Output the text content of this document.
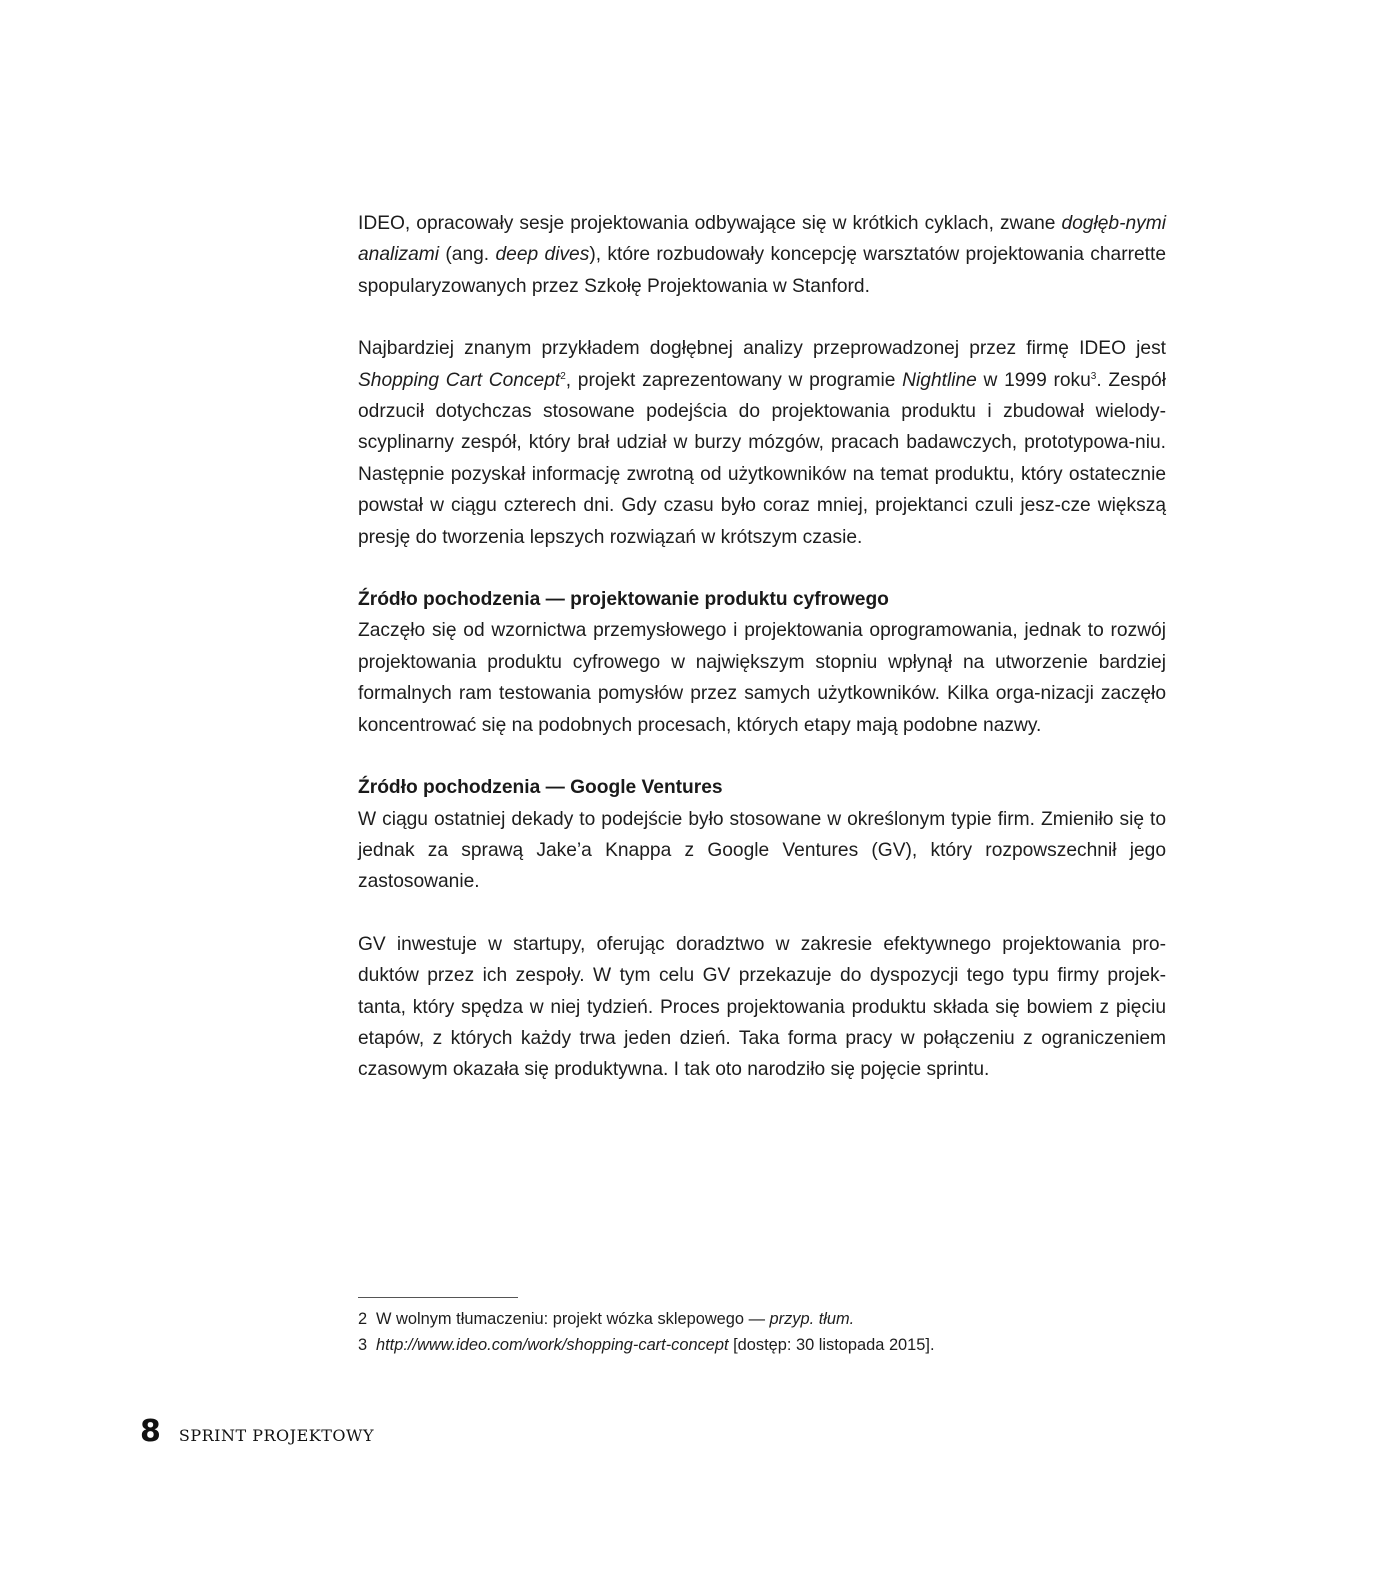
IDEO, opracowały sesje projektowania odbywające się w krótkich cyklach, zwane dogłęb-nymi analizami (ang. deep dives), które rozbudowały koncepcję warsztatów projektowania charrette spopularyzowanych przez Szkołę Projektowania w Stanford.

Najbardziej znanym przykładem dogłębnej analizy przeprowadzonej przez firmę IDEO jest Shopping Cart Concept$^2$, projekt zaprezentowany w programie Nightline w 1999 roku$^3$. Zespół odrzucił dotychczas stosowane podejścia do projektowania produktu i zbudował wielody-scyplinarny zespół, który brał udział w burzy mózgów, pracach badawczych, prototypowa-niu. Następnie pozyskał informację zwrotną od użytkowników na temat produktu, który ostatecznie powstał w ciągu czterech dni. Gdy czasu było coraz mniej, projektanci czuli jesz-cze większą presję do tworzenia lepszych rozwiązań w krótszym czasie.

Źródło pochodzenia — projektowanie produktu cyfrowego

Zaczęło się od wzornictwa przemysłowego i projektowania oprogramowania, jednak to rozwój projektowania produktu cyfrowego w największym stopniu wpłynął na utworzenie bardziej formalnych ram testowania pomysłów przez samych użytkowników. Kilka orga-nizacji zaczęło koncentrować się na podobnych procesach, których etapy mają podobne nazwy.

Źródło pochodzenia — Google Ventures

W ciągu ostatniej dekady to podejście było stosowane w określonym typie firm. Zmieniło się to jednak za sprawą Jake’a Knappa z Google Ventures (GV), który rozpowszechnił jego zastosowanie.

GV inwestuje w startupy, oferując doradztwo w zakresie efektywnego projektowania pro-duktów przez ich zespoły. W tym celu GV przekazuje do dyspozycji tego typu firmy projek-tanta, który spędza w niej tydzień. Proces projektowania produktu składa się bowiem z pięciu etapów, z których każdy trwa jeden dzień. Taka forma pracy w połączeniu z ograniczeniem czasowym okazała się produktywna. I tak oto narodziło się pojęcie sprintu.

2 W wolnym tłumaczeniu: projekt wózka sklepowego — przyp. tłum.

3 http://www.ideo.com/work/shopping-cart-concept [dostęp: 30 listopada 2015].

8 SPRINT PROJEKTOWY
